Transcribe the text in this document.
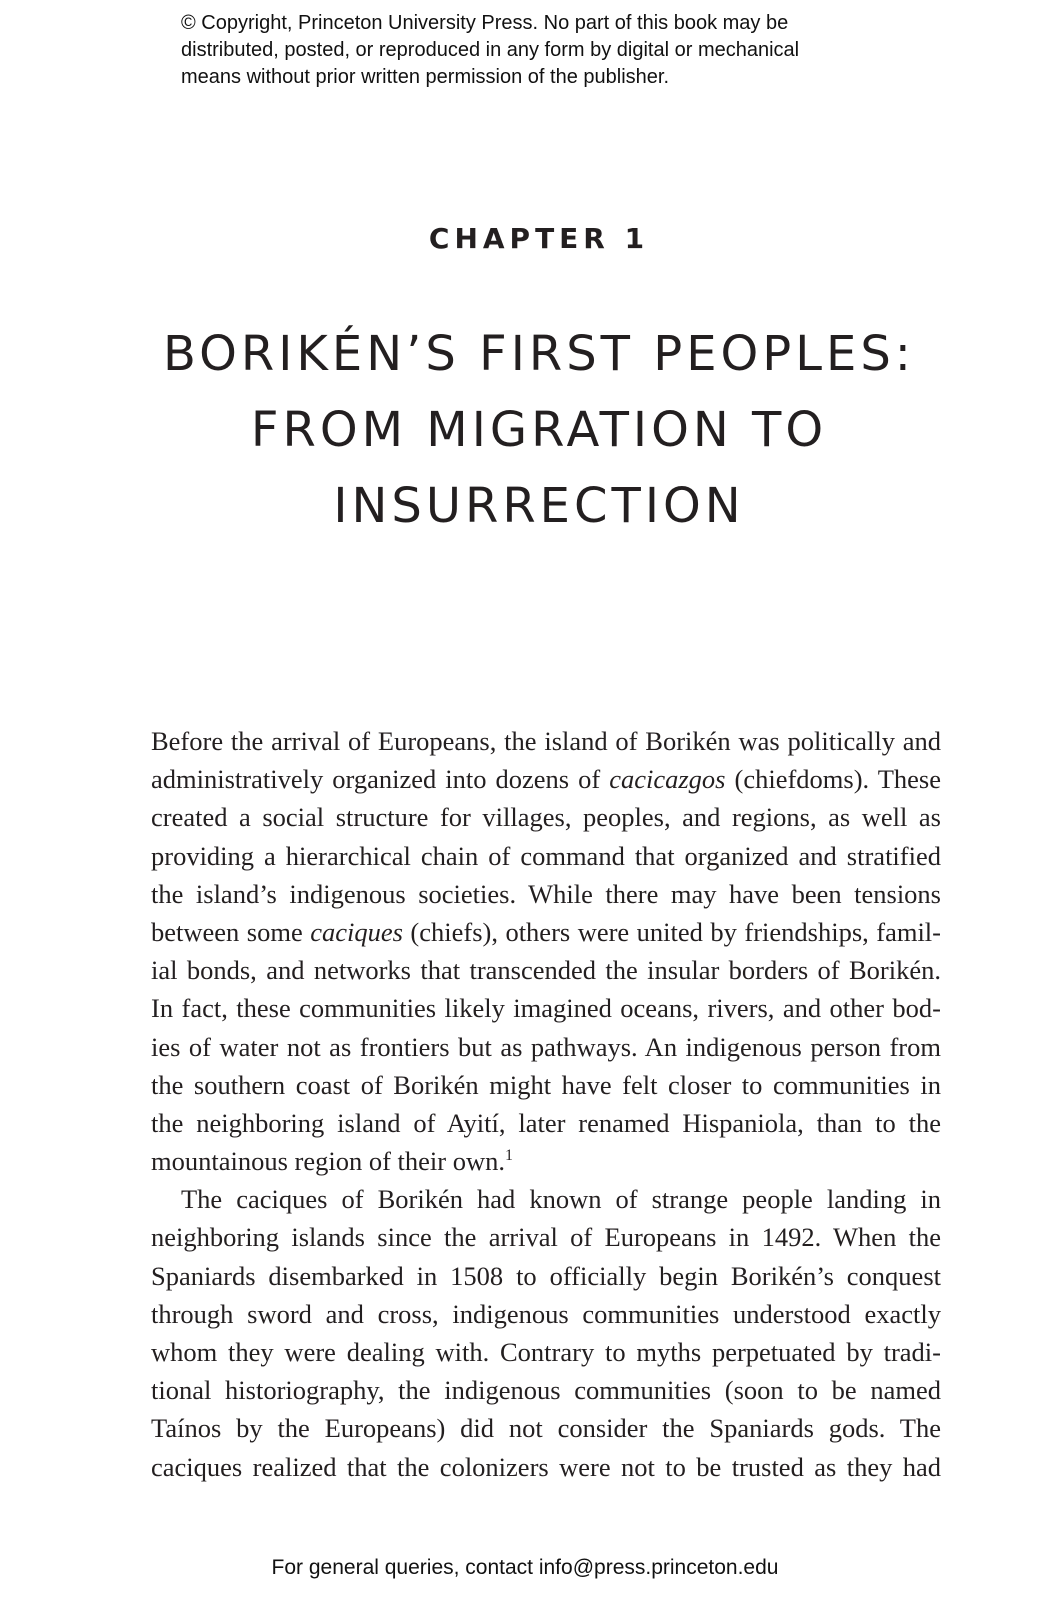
© Copyright, Princeton University Press. No part of this book may be
distributed, posted, or reproduced in any form by digital or mechanical
means without prior written permission of the publisher.
CHAPTER 1
BORIKÉN’S FIRST PEOPLES:
FROM MIGRATION TO
INSURRECTION
Before the arrival of Europeans, the island of Borikén was politically and
administratively organized into dozens of cacicazgos (chiefdoms). These
created a social structure for villages, peoples, and regions, as well as
providing a hierarchical chain of command that organized and stratified
the island’s indigenous societies. While there may have been tensions
between some caciques (chiefs), others were united by friendships, famil-
ial bonds, and networks that transcended the insular borders of Borikén.
In fact, these communities likely imagined oceans, rivers, and other bod-
ies of water not as frontiers but as pathways. An indigenous person from
the southern coast of Borikén might have felt closer to communities in
the neighboring island of Ayití, later renamed Hispaniola, than to the
mountainous region of their own.$^1$
The caciques of Borikén had known of strange people landing in
neighboring islands since the arrival of Europeans in 1492. When the
Spaniards disembarked in 1508 to officially begin Borikén’s conquest
through sword and cross, indigenous communities understood exactly
whom they were dealing with. Contrary to myths perpetuated by tradi-
tional historiography, the indigenous communities (soon to be named
Taínos by the Europeans) did not consider the Spaniards gods. The
caciques realized that the colonizers were not to be trusted as they had

For general queries, contact info@press.princeton.edu
